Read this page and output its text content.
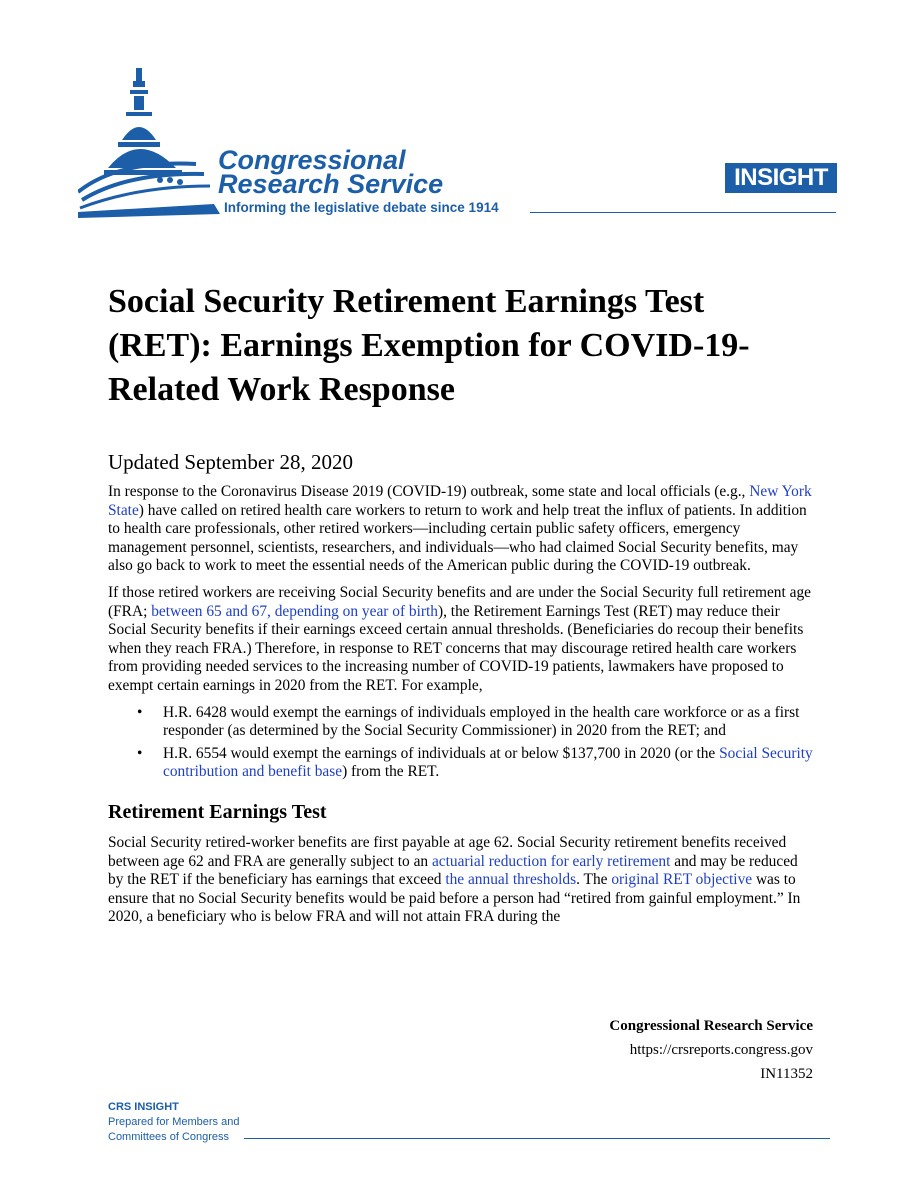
Congressional
Research Service
Informing the legislative debate since 1914
INSIGHT
Social Security Retirement Earnings Test (RET): Earnings Exemption for COVID-19-Related Work Response

Updated September 28, 2020

In response to the Coronavirus Disease 2019 (COVID-19) outbreak, some state and local officials (e.g., New York State) have called on retired health care workers to return to work and help treat the influx of patients. In addition to health care professionals, other retired workers—including certain public safety officers, emergency management personnel, scientists, researchers, and individuals—who had claimed Social Security benefits, may also go back to work to meet the essential needs of the American public during the COVID-19 outbreak.

If those retired workers are receiving Social Security benefits and are under the Social Security full retirement age (FRA; between 65 and 67, depending on year of birth), the Retirement Earnings Test (RET) may reduce their Social Security benefits if their earnings exceed certain annual thresholds. (Beneficiaries do recoup their benefits when they reach FRA.) Therefore, in response to RET concerns that may discourage retired health care workers from providing needed services to the increasing number of COVID-19 patients, lawmakers have proposed to exempt certain earnings in 2020 from the RET. For example,

• H.R. 6428 would exempt the earnings of individuals employed in the health care workforce or as a first responder (as determined by the Social Security Commissioner) in 2020 from the RET; and
• H.R. 6554 would exempt the earnings of individuals at or below $137,700 in 2020 (or the Social Security contribution and benefit base) from the RET.
Retirement Earnings Test

Social Security retired-worker benefits are first payable at age 62. Social Security retirement benefits received between age 62 and FRA are generally subject to an actuarial reduction for early retirement and may be reduced by the RET if the beneficiary has earnings that exceed the annual thresholds. The original RET objective was to ensure that no Social Security benefits would be paid before a person had “retired from gainful employment.” In 2020, a beneficiary who is below FRA and will not attain FRA during the

Congressional Research Service
https://crsreports.congress.gov
IN11352
CRS INSIGHT
Prepared for Members and
Committees of Congress
